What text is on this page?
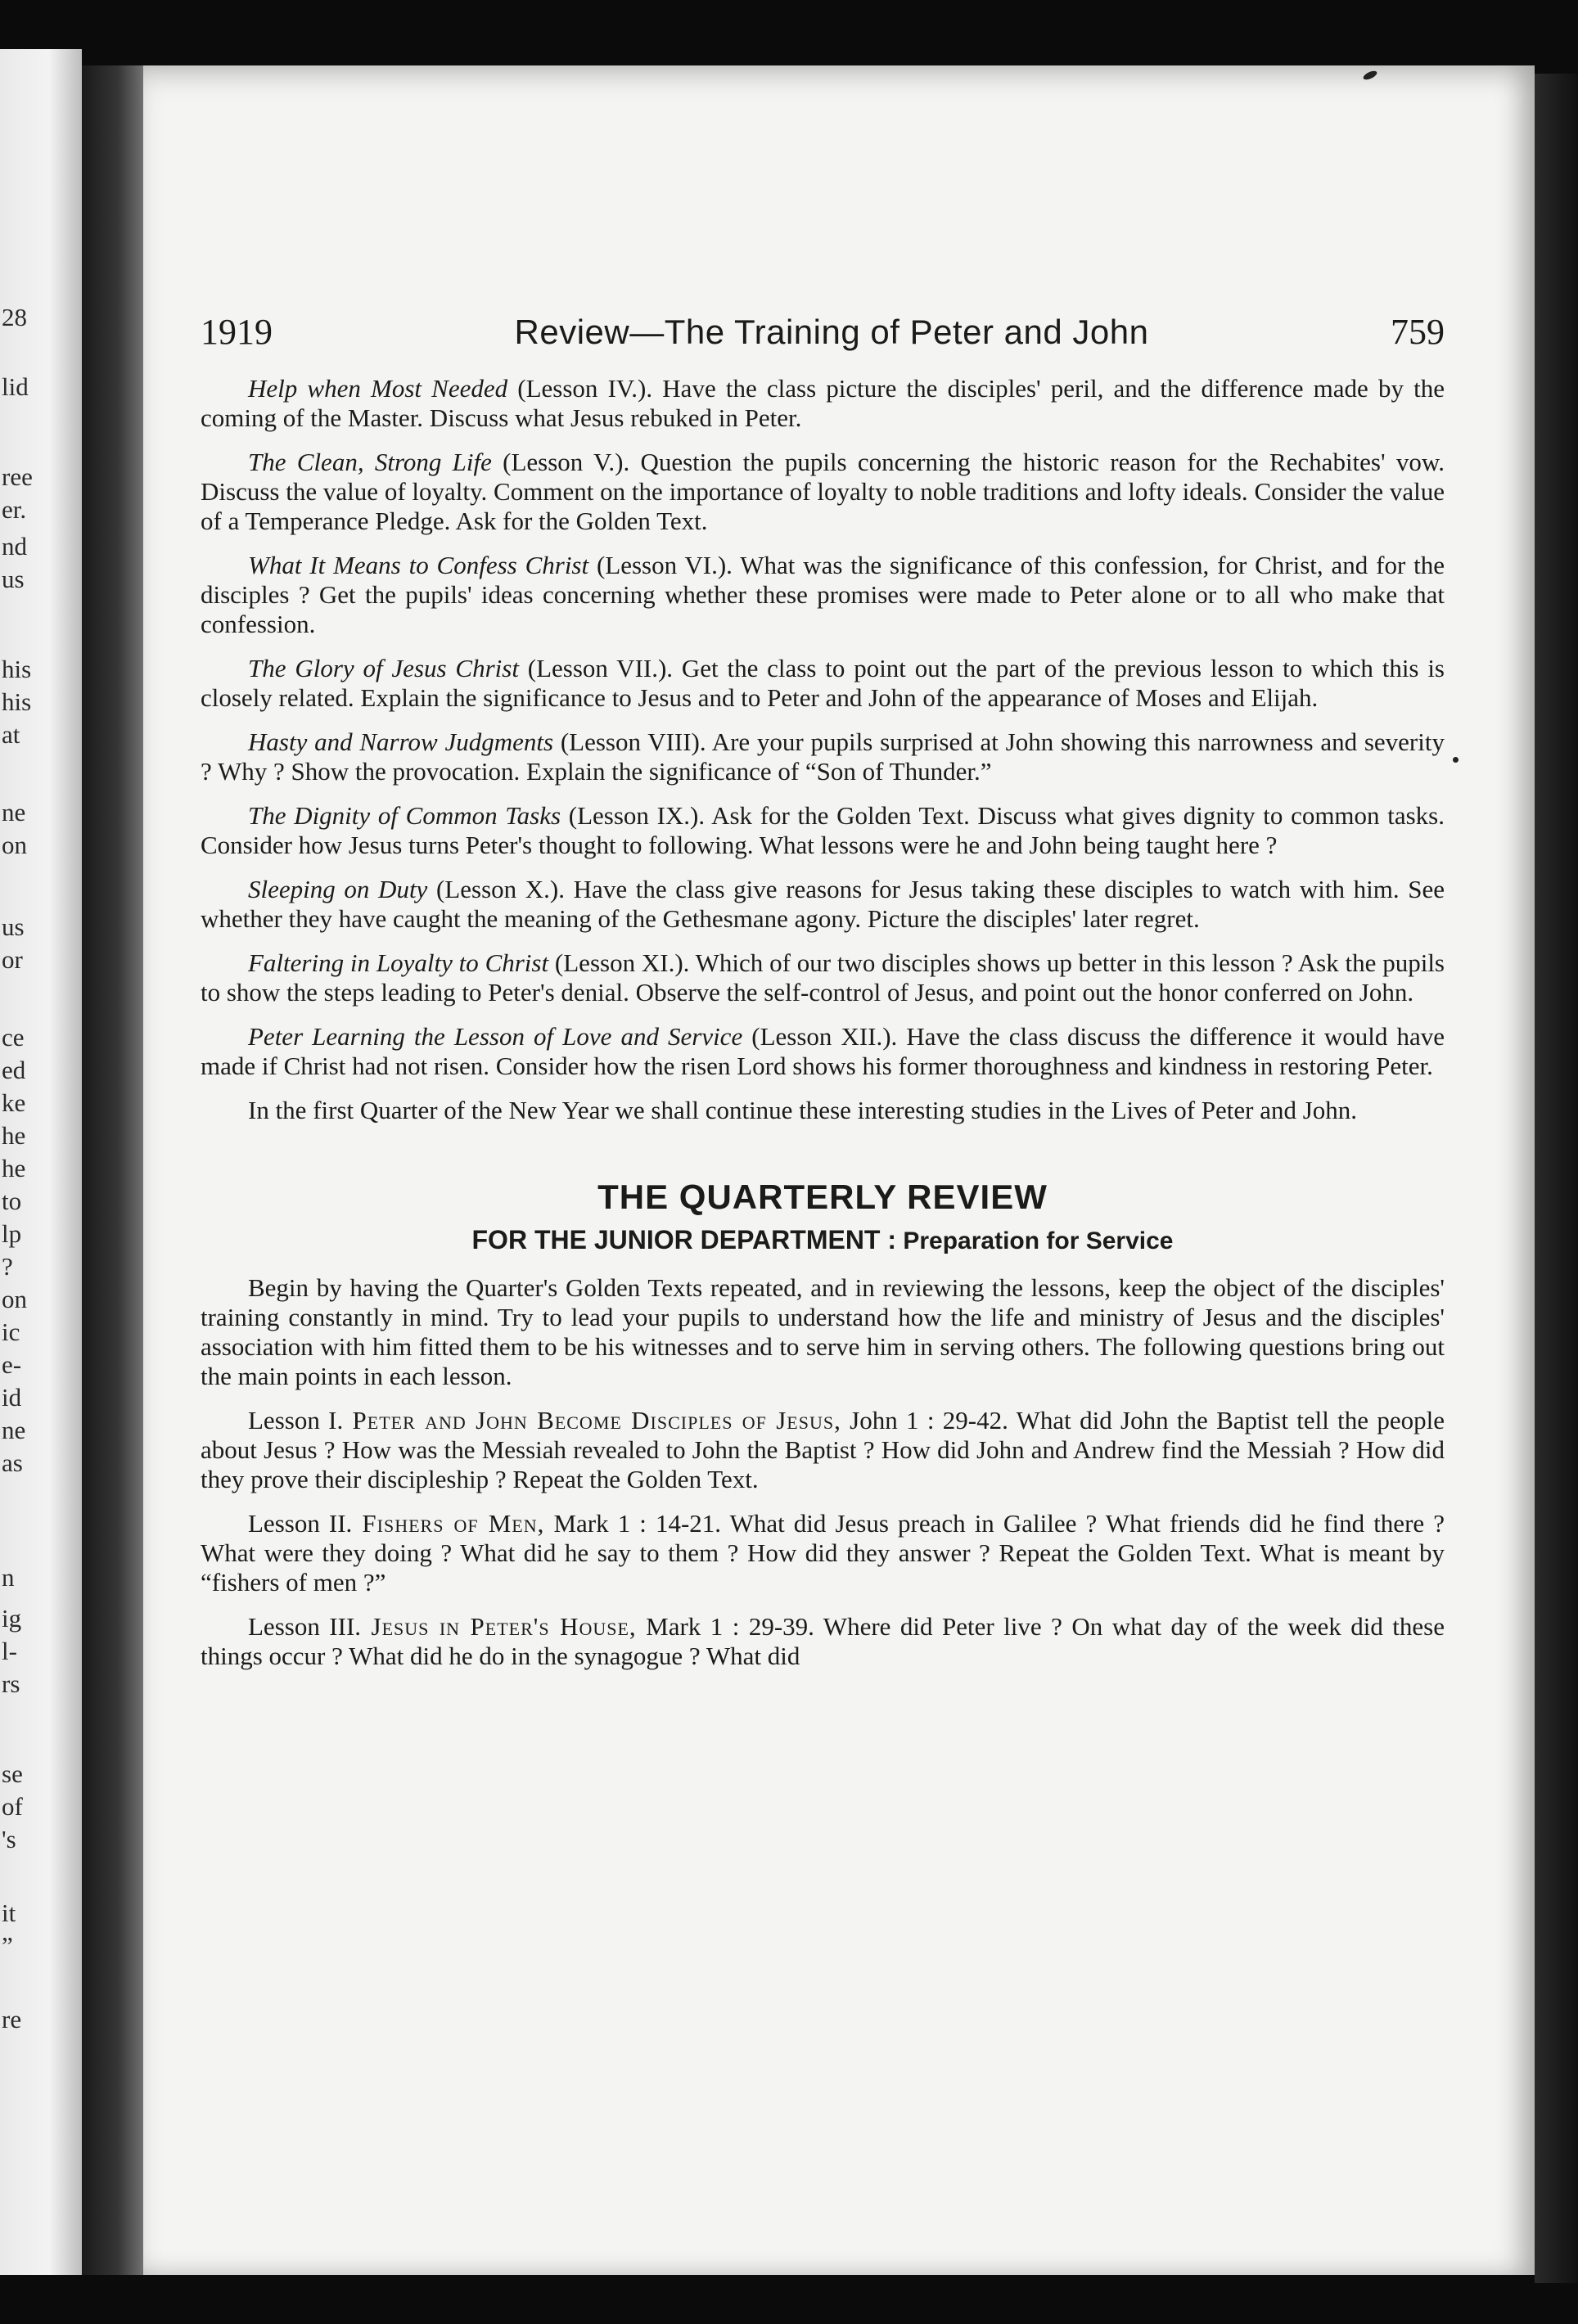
28
lid
ree
er.
nd
us
his
his
at
ne
on
us
or
ce
ed
ke
he
he
to
lp
?
on
ic
e-
id
ne
as
n
ig
l-
rs
se
of
's
it
”
re
1919	Review—The Training of Peter and John	759

Help when Most Needed (Lesson IV.). Have the class picture the disciples' peril, and the difference made by the coming of the Master. Discuss what Jesus rebuked in Peter.

The Clean, Strong Life (Lesson V.). Question the pupils concerning the historic reason for the Rechabites' vow. Discuss the value of loyalty. Comment on the importance of loyalty to noble traditions and lofty ideals. Consider the value of a Temperance Pledge. Ask for the Golden Text.

What It Means to Confess Christ (Lesson VI.). What was the significance of this confession, for Christ, and for the disciples ? Get the pupils' ideas concerning whether these promises were made to Peter alone or to all who make that confession.

The Glory of Jesus Christ (Lesson VII.). Get the class to point out the part of the previous lesson to which this is closely related. Explain the significance to Jesus and to Peter and John of the appearance of Moses and Elijah.

Hasty and Narrow Judgments (Lesson VIII). Are your pupils surprised at John showing this narrowness and severity ? Why ? Show the provocation. Explain the significance of “Son of Thunder.”

The Dignity of Common Tasks (Lesson IX.). Ask for the Golden Text. Discuss what gives dignity to common tasks. Consider how Jesus turns Peter's thought to following. What lessons were he and John being taught here ?

Sleeping on Duty (Lesson X.). Have the class give reasons for Jesus taking these disciples to watch with him. See whether they have caught the meaning of the Gethesmane agony. Picture the disciples' later regret.

Faltering in Loyalty to Christ (Lesson XI.). Which of our two disciples shows up better in this lesson ? Ask the pupils to show the steps leading to Peter's denial. Observe the self-control of Jesus, and point out the honor conferred on John.

Peter Learning the Lesson of Love and Service (Lesson XII.). Have the class discuss the difference it would have made if Christ had not risen. Consider how the risen Lord shows his former thoroughness and kindness in restoring Peter.

In the first Quarter of the New Year we shall continue these interesting studies in the Lives of Peter and John.

THE QUARTERLY REVIEW
FOR THE JUNIOR DEPARTMENT : Preparation for Service

Begin by having the Quarter's Golden Texts repeated, and in reviewing the lessons, keep the object of the disciples' training constantly in mind. Try to lead your pupils to understand how the life and ministry of Jesus and the disciples' association with him fitted them to be his witnesses and to serve him in serving others. The following questions bring out the main points in each lesson.

Lesson I. Peter and John Become Disciples of Jesus, John 1 : 29-42. What did John the Baptist tell the people about Jesus ? How was the Messiah revealed to John the Baptist ? How did John and Andrew find the Messiah ? How did they prove their discipleship ? Repeat the Golden Text.

Lesson II. Fishers of Men, Mark 1 : 14-21. What did Jesus preach in Galilee ? What friends did he find there ? What were they doing ? What did he say to them ? How did they answer ? Repeat the Golden Text. What is meant by “fishers of men ?”

Lesson III. Jesus in Peter's House, Mark 1 : 29-39. Where did Peter live ? On what day of the week did these things occur ? What did he do in the synagogue ? What did
